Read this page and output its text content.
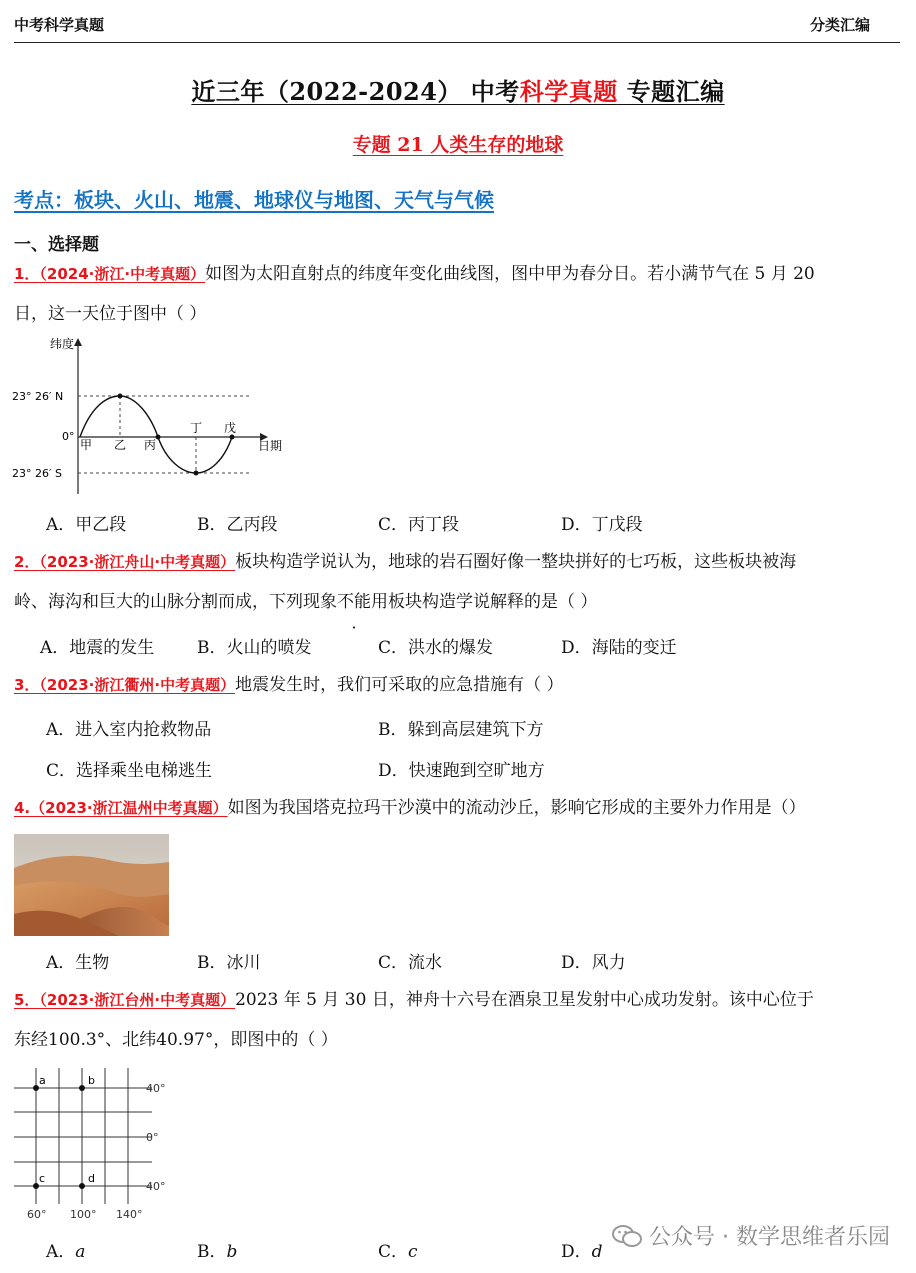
中考科学真题	分类汇编
近三年（2022-2024） 中考科学真题 专题汇编
专题 21 人类生存的地球
考点：板块、火山、地震、地球仪与地图、天气与气候
一、选择题
1．（2024·浙江·中考真题）如图为太阳直射点的纬度年变化曲线图，图中甲为春分日。若小满节气在 5 月 20
日，这一天位于图中（ ）
纬度
日期
23° 26′ N
0°
23° 26′ S
甲 乙 丙
丁 戊
A．甲乙段	B．乙丙段	C．丙丁段	D．丁戊段
2．（2023·浙江舟山·中考真题）板块构造学说认为，地球的岩石圈好像一整块拼好的七巧板，这些板块被海
岭、海沟和巨大的山脉分割而成，下列现象不能用板块构造学说解释的是（ ）
A．地震的发生	B．火山的喷发	C．洪水的爆发	D．海陆的变迁
3．（2023·浙江衢州·中考真题）地震发生时，我们可采取的应急措施有（ ）
A．进入室内抢救物品	B．躲到高层建筑下方
C．选择乘坐电梯逃生	D．快速跑到空旷地方
4.（2023·浙江温州中考真题）如图为我国塔克拉玛干沙漠中的流动沙丘，影响它形成的主要外力作用是（）
A．生物	B．冰川	C．流水	D．风力
5．（2023·浙江台州·中考真题）2023 年 5 月 30 日，神舟十六号在酒泉卫星发射中心成功发射。该中心位于
东经100.3°、北纬40.97°，即图中的（ ）
a	b
c	d
40°
0°
40°
60° 100° 140°
A．a	B．b	C．c	D．d
公众号 · 数学思维者乐园
